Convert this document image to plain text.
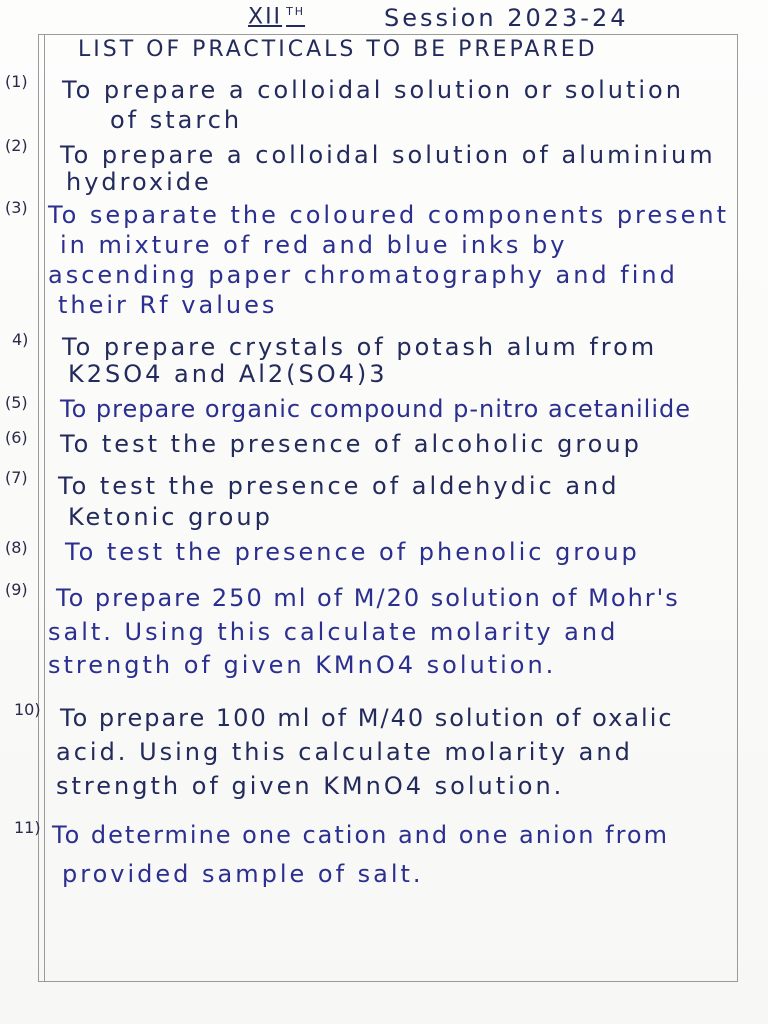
XII $^{TH}$	Session 2023-24
LIST OF PRACTICALS TO BE PREPARED
(1) To prepare a colloidal solution or solution
of starch
(2) To prepare a colloidal solution of aluminium
hydroxide
(3) To separate the coloured components present
in mixture of red and blue inks by
ascending paper chromatography and find
their Rf values
4) To prepare crystals of potash alum from
K2SO4 and Al2(SO4)3
(5) To prepare organic compound p-nitro acetanilide
(6) To test the presence of alcoholic group
(7) To test the presence of aldehydic and
Ketonic group
(8) To test the presence of phenolic group
(9) To prepare 250 ml of M/20 solution of Mohr's
salt. Using this calculate molarity and
strength of given KMnO4 solution.
10) To prepare 100 ml of M/40 solution of oxalic
acid. Using this calculate molarity and
strength of given KMnO4 solution.
11) To determine one cation and one anion from
provided sample of salt.
